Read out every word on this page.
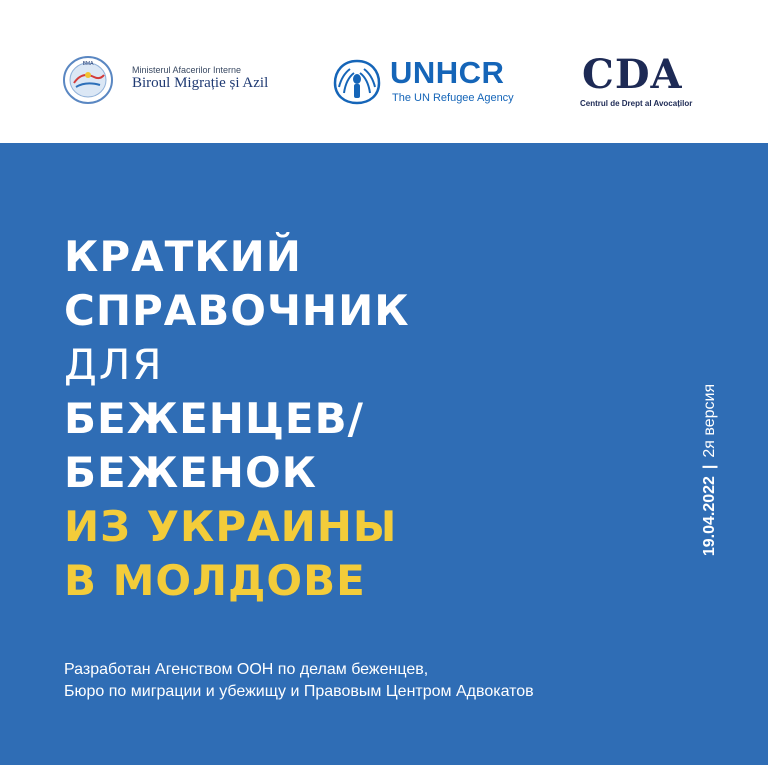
BMA
Ministerul Afacerilor Interne
Biroul Migrație și Azil	UNHCR
The UN Refugee Agency CDA
Centrul de Drept al Avocaților
КРАТКИЙ
СПРАВОЧНИК
ДЛЯ
БЕЖЕНЦЕВ/
БЕЖЕНОК
ИЗ УКРАИНЫ
В МОЛДОВЕ
19.04.2022|2я версия
Разработан Агенством ООН по делам беженцев,
Бюро по миграции и убежищу и Правовым Центром Адвокатов
